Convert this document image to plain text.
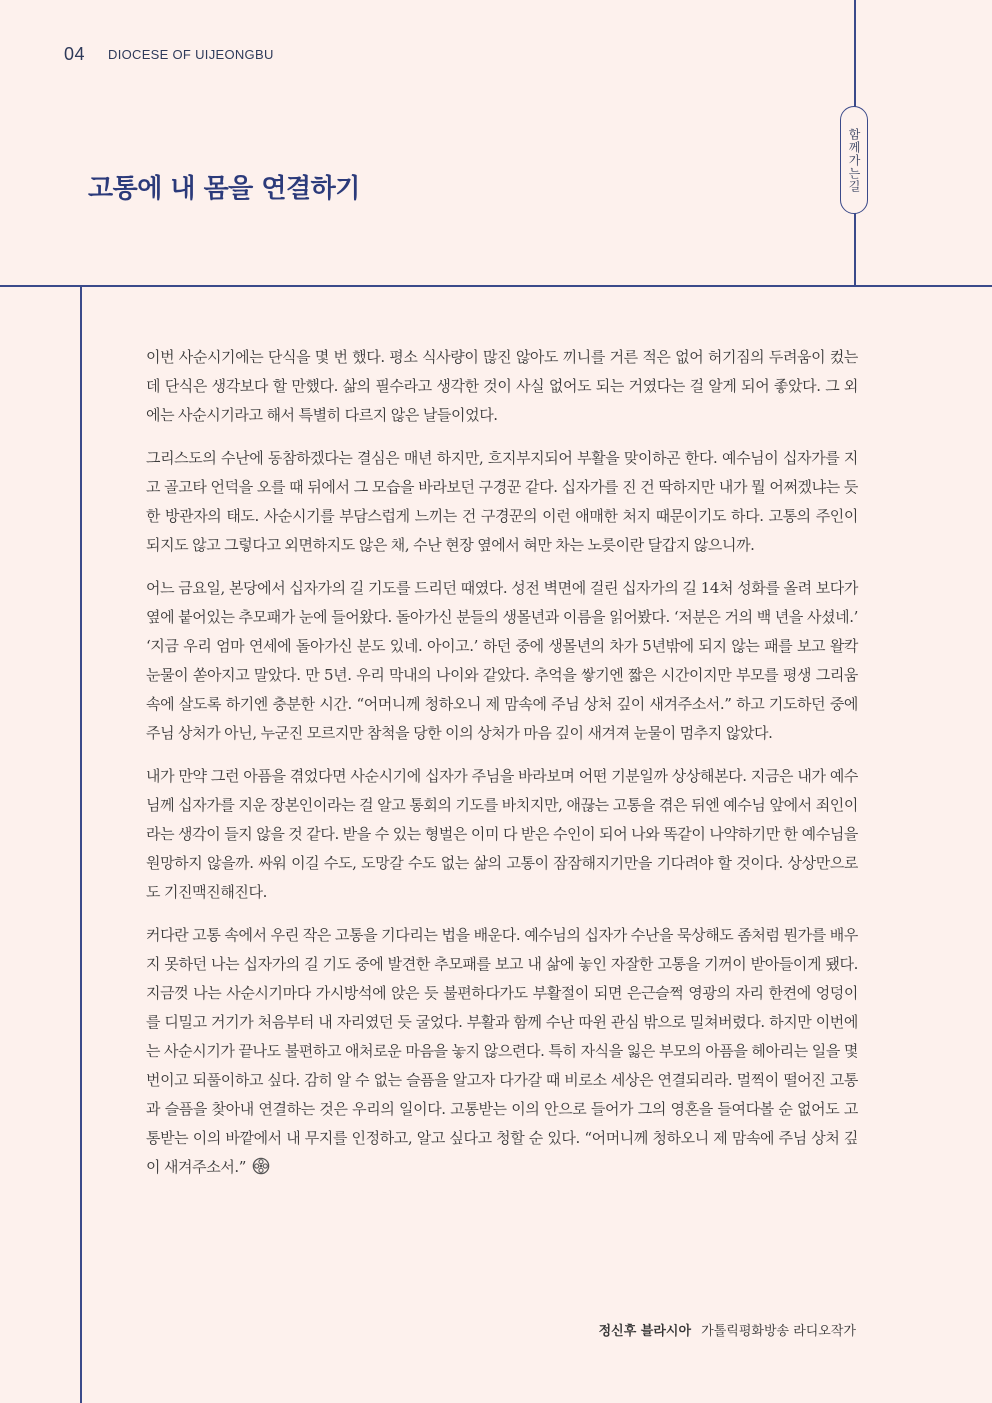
04 DIOCESE OF UIJEONGBU
함께가는길
고통에 내 몸을 연결하기

이번 사순시기에는 단식을 몇 번 했다. 평소 식사량이 많진 않아도 끼니를 거른 적은 없어 허기짐의 두려움이 컸는데 단식은 생각보다 할 만했다. 삶의 필수라고 생각한 것이 사실 없어도 되는 거였다는 걸 알게 되어 좋았다. 그 외에는 사순시기라고 해서 특별히 다르지 않은 날들이었다.

그리스도의 수난에 동참하겠다는 결심은 매년 하지만, 흐지부지되어 부활을 맞이하곤 한다. 예수님이 십자가를 지고 골고타 언덕을 오를 때 뒤에서 그 모습을 바라보던 구경꾼 같다. 십자가를 진 건 딱하지만 내가 뭘 어쩌겠냐는 듯한 방관자의 태도. 사순시기를 부담스럽게 느끼는 건 구경꾼의 이런 애매한 처지 때문이기도 하다. 고통의 주인이 되지도 않고 그렇다고 외면하지도 않은 채, 수난 현장 옆에서 혀만 차는 노릇이란 달갑지 않으니까.

어느 금요일, 본당에서 십자가의 길 기도를 드리던 때였다. 성전 벽면에 걸린 십자가의 길 14처 성화를 올려 보다가 옆에 붙어있는 추모패가 눈에 들어왔다. 돌아가신 분들의 생몰년과 이름을 읽어봤다. ‘저분은 거의 백 년을 사셨네.’ ‘지금 우리 엄마 연세에 돌아가신 분도 있네. 아이고.’ 하던 중에 생몰년의 차가 5년밖에 되지 않는 패를 보고 왈칵 눈물이 쏟아지고 말았다. 만 5년. 우리 막내의 나이와 같았다. 추억을 쌓기엔 짧은 시간이지만 부모를 평생 그리움 속에 살도록 하기엔 충분한 시간. “어머니께 청하오니 제 맘속에 주님 상처 깊이 새겨주소서.” 하고 기도하던 중에 주님 상처가 아닌, 누군진 모르지만 참척을 당한 이의 상처가 마음 깊이 새겨져 눈물이 멈추지 않았다.

내가 만약 그런 아픔을 겪었다면 사순시기에 십자가 주님을 바라보며 어떤 기분일까 상상해본다. 지금은 내가 예수님께 십자가를 지운 장본인이라는 걸 알고 통회의 기도를 바치지만, 애끊는 고통을 겪은 뒤엔 예수님 앞에서 죄인이라는 생각이 들지 않을 것 같다. 받을 수 있는 형벌은 이미 다 받은 수인이 되어 나와 똑같이 나약하기만 한 예수님을 원망하지 않을까. 싸워 이길 수도, 도망갈 수도 없는 삶의 고통이 잠잠해지기만을 기다려야 할 것이다. 상상만으로도 기진맥진해진다.

커다란 고통 속에서 우린 작은 고통을 기다리는 법을 배운다. 예수님의 십자가 수난을 묵상해도 좀처럼 뭔가를 배우지 못하던 나는 십자가의 길 기도 중에 발견한 추모패를 보고 내 삶에 놓인 자잘한 고통을 기꺼이 받아들이게 됐다. 지금껏 나는 사순시기마다 가시방석에 앉은 듯 불편하다가도 부활절이 되면 은근슬쩍 영광의 자리 한켠에 엉덩이를 디밀고 거기가 처음부터 내 자리였던 듯 굴었다. 부활과 함께 수난 따윈 관심 밖으로 밀쳐버렸다. 하지만 이번에는 사순시기가 끝나도 불편하고 애처로운 마음을 놓지 않으련다. 특히 자식을 잃은 부모의 아픔을 헤아리는 일을 몇 번이고 되풀이하고 싶다. 감히 알 수 없는 슬픔을 알고자 다가갈 때 비로소 세상은 연결되리라. 멀찍이 떨어진 고통과 슬픔을 찾아내 연결하는 것은 우리의 일이다. 고통받는 이의 안으로 들어가 그의 영혼을 들여다볼 순 없어도 고통받는 이의 바깥에서 내 무지를 인정하고, 알고 싶다고 청할 순 있다. “어머니께 청하오니 제 맘속에 주님 상처 깊이 새겨주소서.”

정신후 블라시아 가톨릭평화방송 라디오작가
